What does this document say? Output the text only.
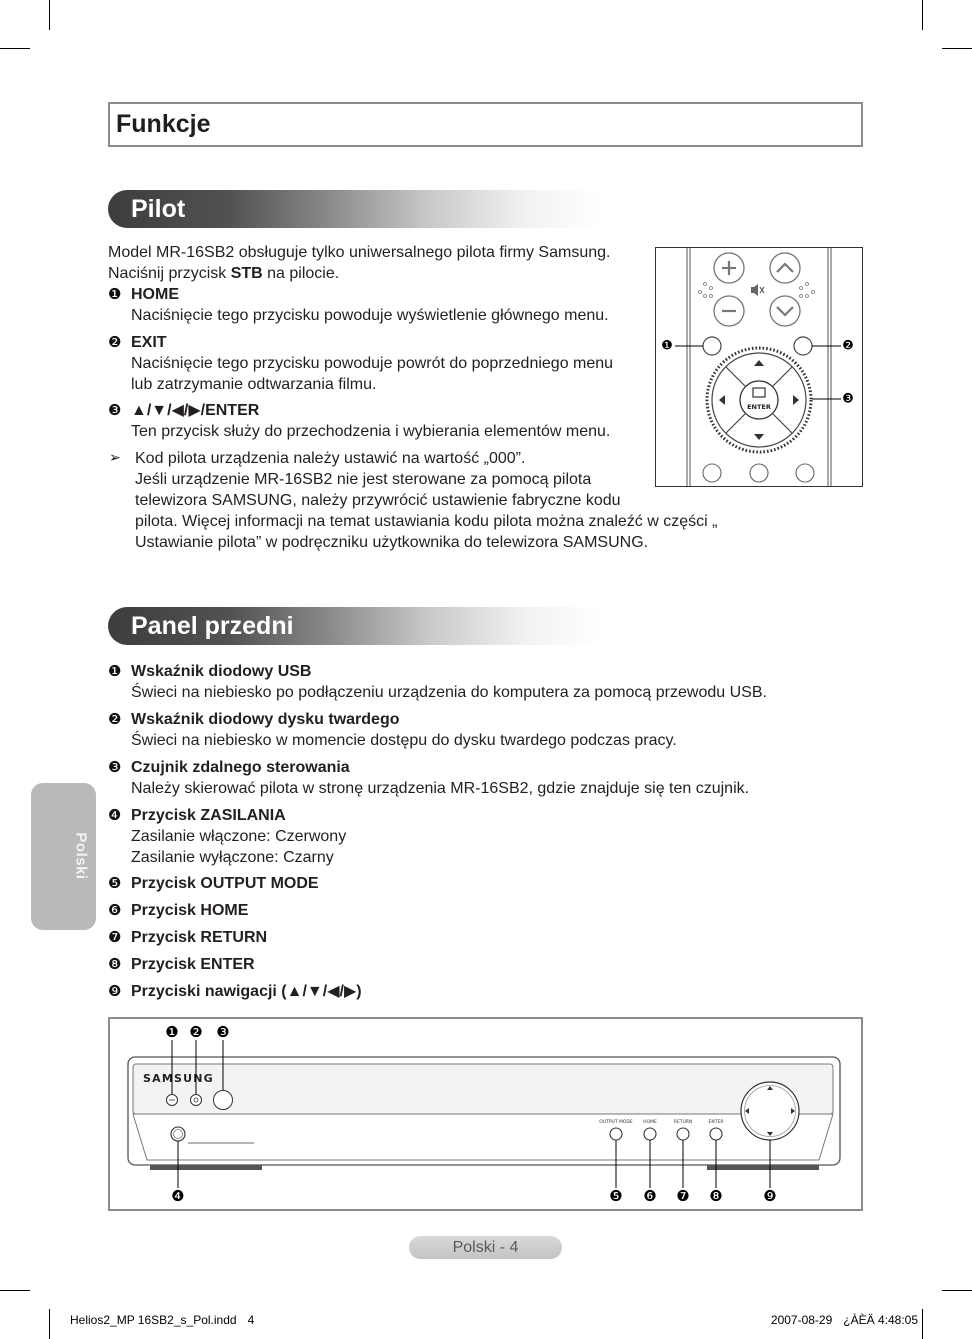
Funkcje
Pilot
Model MR-16SB2 obsługuje tylko uniwersalnego pilota firmy Samsung.
Naciśnij przycisk STB na pilocie.
❶ HOME
Naciśnięcie tego przycisku powoduje wyświetlenie głównego menu.
❷ EXIT
Naciśnięcie tego przycisku powoduje powrót do poprzedniego menu
lub zatrzymanie odtwarzania filmu.
❸ ▲/▼/◀/▶/ENTER
Ten przycisk służy do przechodzenia i wybierania elementów menu.
➢ Kod pilota urządzenia należy ustawić na wartość „000”.
Jeśli urządzenie MR-16SB2 nie jest sterowane za pomocą pilota
telewizora SAMSUNG, należy przywrócić ustawienie fabryczne kodu
pilota. Więcej informacji na temat ustawiania kodu pilota można znaleźć w części „
Ustawianie pilota” w podręczniku użytkownika do telewizora SAMSUNG.
ENTER
❶	❷
❸
Panel przedni
❶ Wskaźnik diodowy USB
Świeci na niebiesko po podłączeniu urządzenia do komputera za pomocą przewodu USB.
❷ Wskaźnik diodowy dysku twardego
Świeci na niebiesko w momencie dostępu do dysku twardego podczas pracy.
❸ Czujnik zdalnego sterowania
Należy skierować pilota w stronę urządzenia MR-16SB2, gdzie znajduje się ten czujnik.
❹ Przycisk ZASILANIA
Zasilanie włączone: Czerwony
Zasilanie wyłączone: Czarny
❺ Przycisk OUTPUT MODE
❻ Przycisk HOME
❼ Przycisk RETURN
❽ Przycisk ENTER
❾ Przyciski nawigacji (▲/▼/◀/▶)
SAMSUNG
OUTPUT MODE HOME	RETURN	ENTER
❶ ❷ ❸
❹	❺ ❻ ❼ ❽	❾
Polski
Polski - 4
Helios2_MP 16SB2_s_Pol.indd 4	2007-08-29 ¿ÀÈÄ 4:48:05
